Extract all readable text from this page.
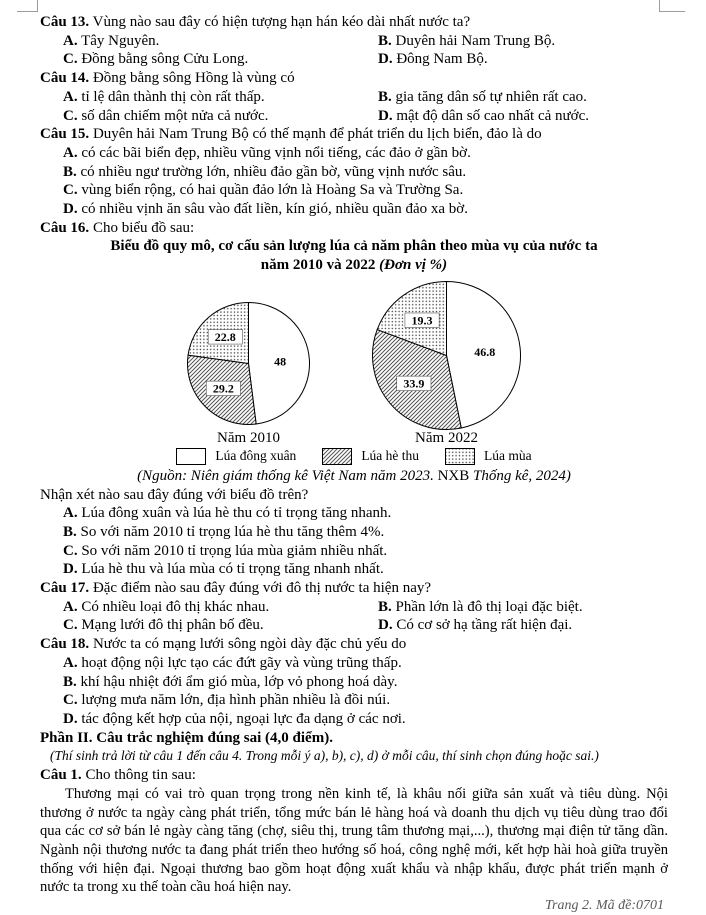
Câu 13. Vùng nào sau đây có hiện tượng hạn hán kéo dài nhất nước ta?
A. Tây Nguyên.	B. Duyên hải Nam Trung Bộ.
C. Đồng bằng sông Cửu Long.	D. Đông Nam Bộ.
Câu 14. Đồng bằng sông Hồng là vùng có
A. tỉ lệ dân thành thị còn rất thấp.	B. gia tăng dân số tự nhiên rất cao.
C. số dân chiếm một nửa cả nước.	D. mật độ dân số cao nhất cả nước.
Câu 15. Duyên hải Nam Trung Bộ có thế mạnh để phát triển du lịch biển, đảo là do
A. có các bãi biển đẹp, nhiều vũng vịnh nổi tiếng, các đảo ở gần bờ.
B. có nhiều ngư trường lớn, nhiều đảo gần bờ, vũng vịnh nước sâu.
C. vùng biển rộng, có hai quần đảo lớn là Hoàng Sa và Trường Sa.
D. có nhiều vịnh ăn sâu vào đất liền, kín gió, nhiều quần đảo xa bờ.
Câu 16. Cho biểu đồ sau:
Biểu đồ quy mô, cơ cấu sản lượng lúa cả năm phân theo mùa vụ của nước ta
năm 2010 và 2022 (Đơn vị %)
48
29.2
22.8
Năm 2010
46.8
33.9
19.3
Năm 2022
Lúa đông xuân	Lúa hè thu	Lúa mùa
(Nguồn: Niên giám thống kê Việt Nam năm 2023. NXB Thống kê, 2024)
Nhận xét nào sau đây đúng với biểu đồ trên?
A. Lúa đông xuân và lúa hè thu có tỉ trọng tăng nhanh.
B. So với năm 2010 tỉ trọng lúa hè thu tăng thêm 4%.
C. So với năm 2010 tỉ trọng lúa mùa giảm nhiều nhất.
D. Lúa hè thu và lúa mùa có tỉ trọng tăng nhanh nhất.
Câu 17. Đặc điểm nào sau đây đúng với đô thị nước ta hiện nay?
A. Có nhiều loại đô thị khác nhau.	B. Phần lớn là đô thị loại đặc biệt.
C. Mạng lưới đô thị phân bố đều.	D. Có cơ sở hạ tầng rất hiện đại.
Câu 18. Nước ta có mạng lưới sông ngòi dày đặc chủ yếu do
A. hoạt động nội lực tạo các đứt gãy và vùng trũng thấp.
B. khí hậu nhiệt đới ẩm gió mùa, lớp vỏ phong hoá dày.
C. lượng mưa năm lớn, địa hình phần nhiều là đồi núi.
D. tác động kết hợp của nội, ngoại lực đa dạng ở các nơi.
Phần II. Câu trắc nghiệm đúng sai (4,0 điểm).
(Thí sinh trả lời từ câu 1 đến câu 4. Trong mỗi ý a), b), c), d) ở mỗi câu, thí sinh chọn đúng hoặc sai.)
Câu 1. Cho thông tin sau:
Thương mại có vai trò quan trọng trong nền kinh tế, là khâu nối giữa sản xuất và tiêu dùng. Nội thương ở nước ta ngày càng phát triển, tổng mức bán lẻ hàng hoá và doanh thu dịch vụ tiêu dùng trao đổi qua các cơ sở bán lẻ ngày càng tăng (chợ, siêu thị, trung tâm thương mại,...), thương mại điện tử tăng dần. Ngành nội thương nước ta đang phát triển theo hướng số hoá, công nghệ mới, kết hợp hài hoà giữa truyền thống với hiện đại. Ngoại thương bao gồm hoạt động xuất khẩu và nhập khẩu, được phát triển mạnh ở nước ta trong xu thế toàn cầu hoá hiện nay.
Trang 2. Mã đề:0701
